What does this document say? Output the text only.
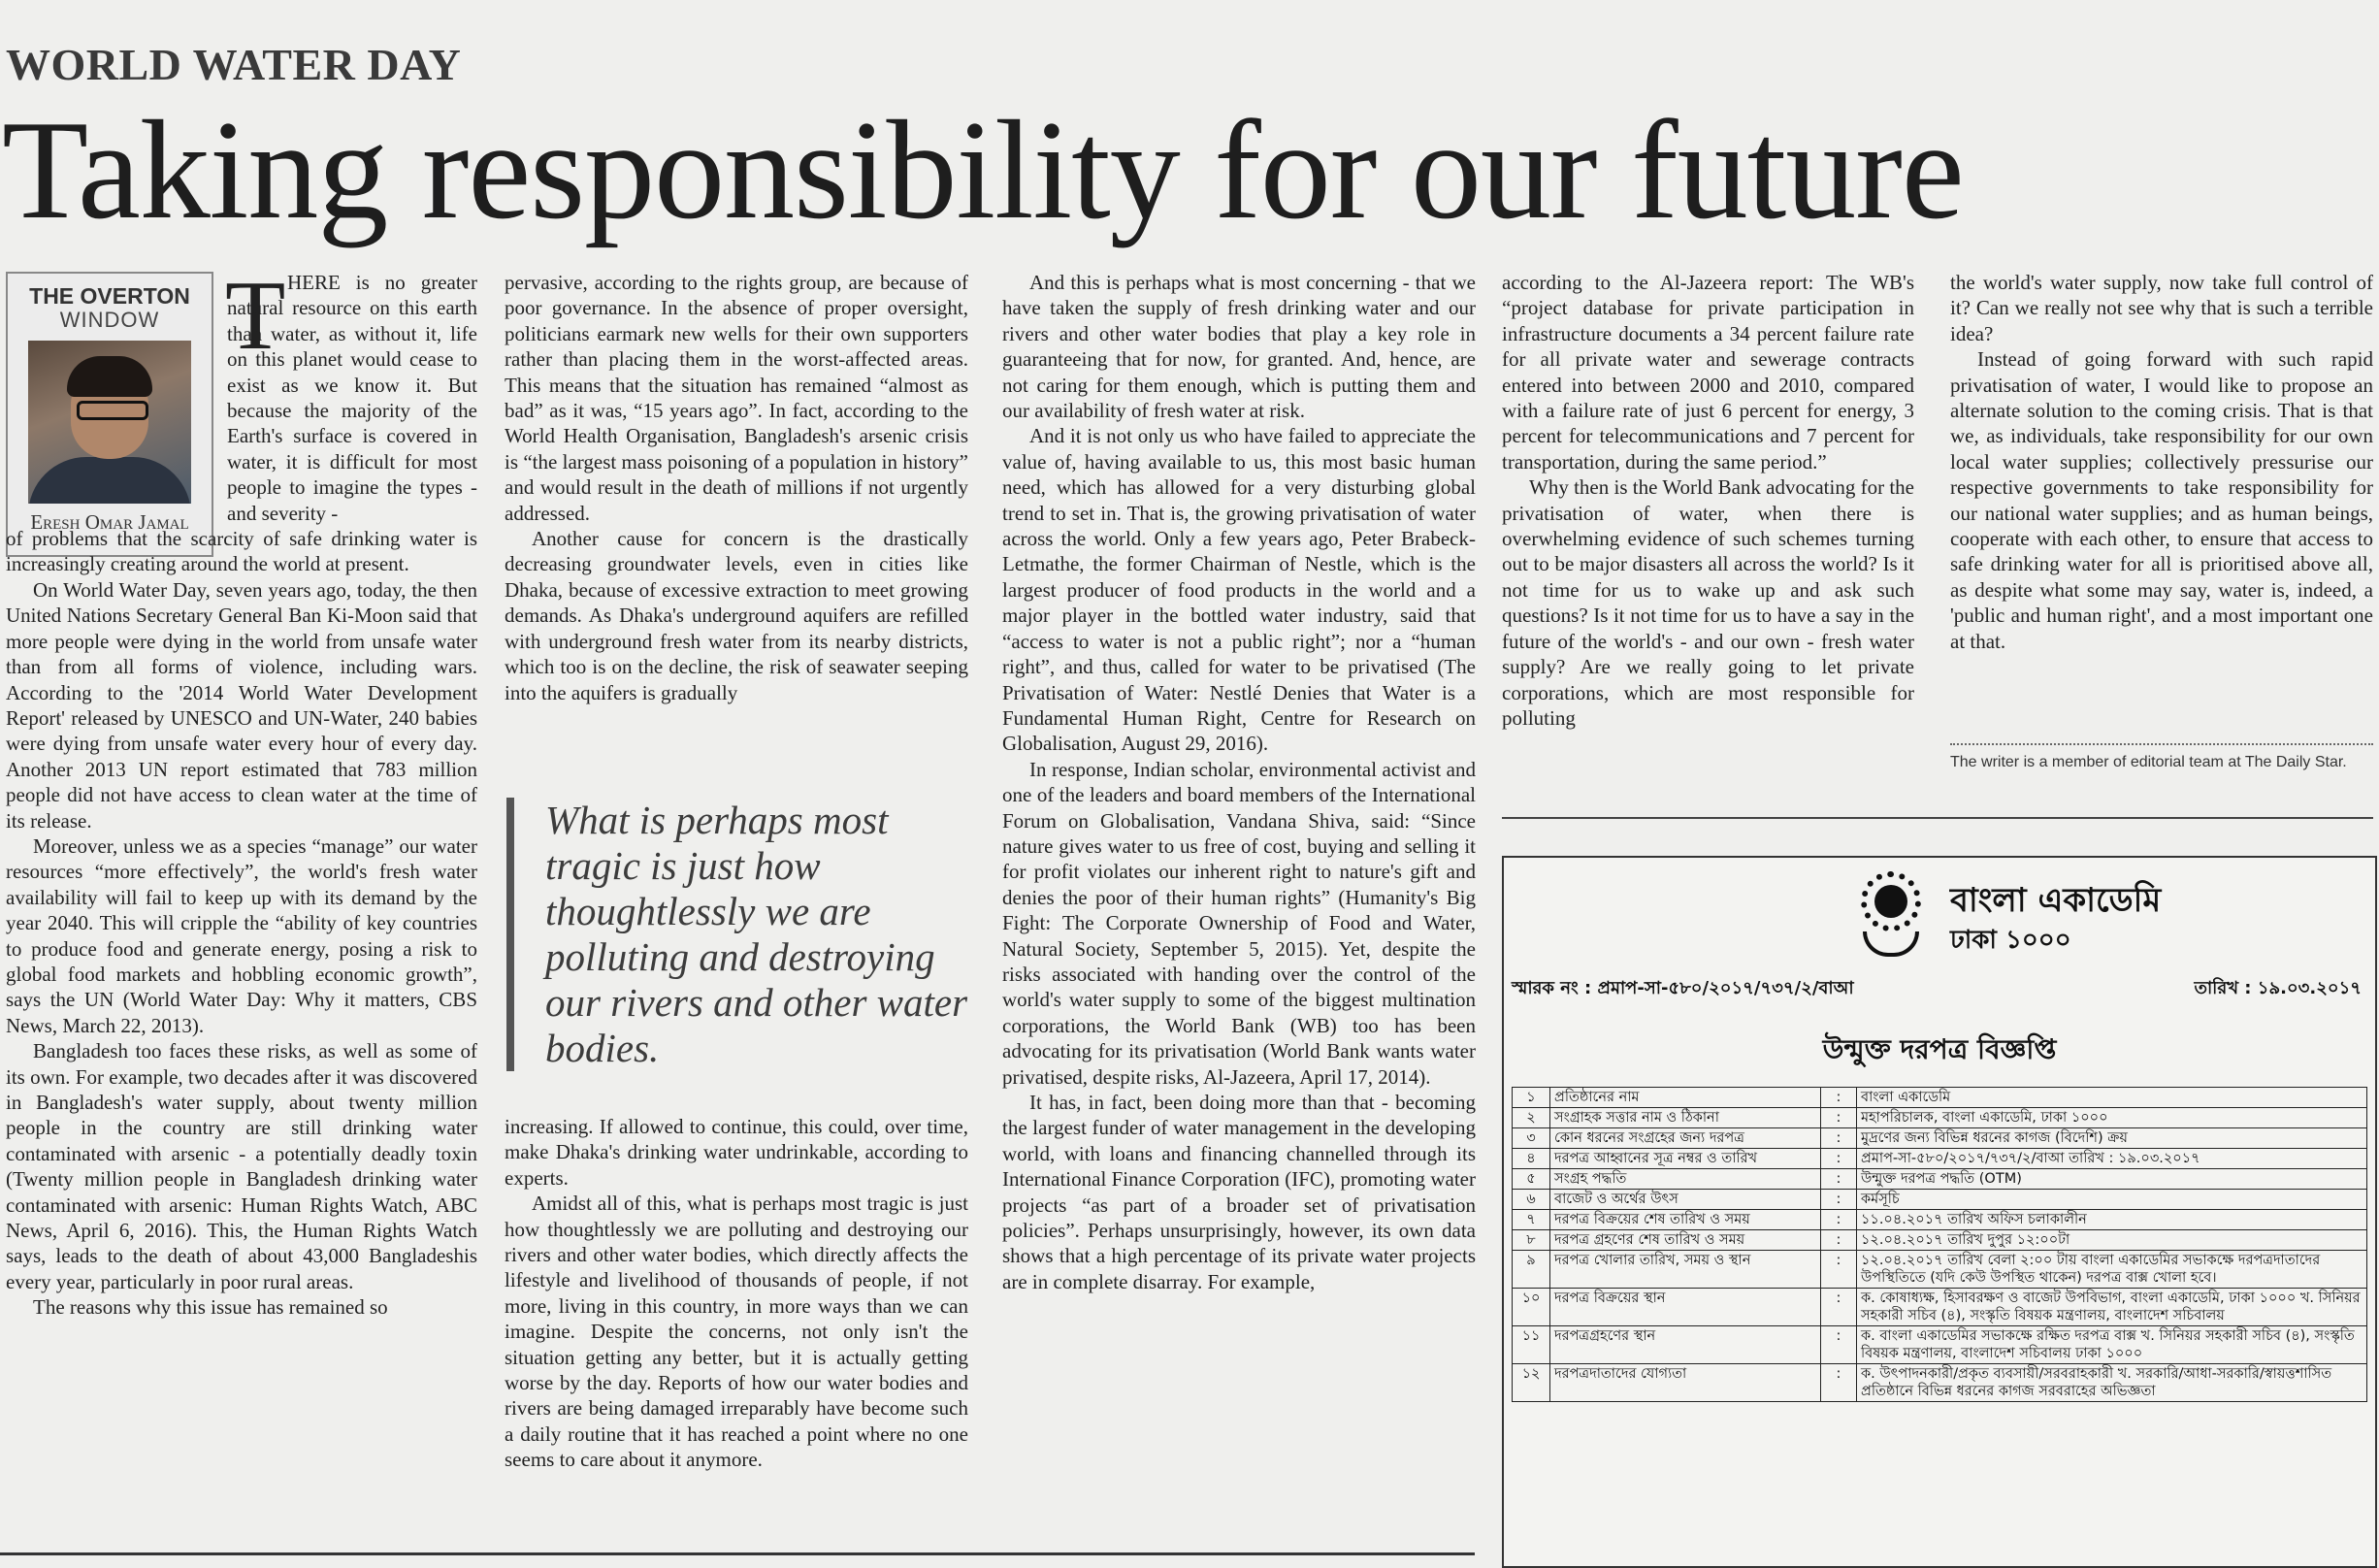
WORLD WATER DAY
Taking responsibility for our future
THE OVERTON
WINDOW
Eresh Omar Jamal
T HERE is no greater natural resource on this earth than water, as without it, life on this planet would cease to exist as we know it. But because the majority of the Earth's surface is covered in water, it is difficult for most people to imagine the types - and severity -

of problems that the scarcity of safe drinking water is increasingly creating around the world at present.

On World Water Day, seven years ago, today, the then United Nations Secretary General Ban Ki-Moon said that more people were dying in the world from unsafe water than from all forms of violence, including wars. According to the '2014 World Water Development Report' released by UNESCO and UN-Water, 240 babies were dying from unsafe water every hour of every day. Another 2013 UN report estimated that 783 million people did not have access to clean water at the time of its release.

Moreover, unless we as a species “manage” our water resources “more effectively”, the world's fresh water availability will fail to keep up with its demand by the year 2040. This will cripple the “ability of key countries to produce food and generate energy, posing a risk to global food markets and hobbling economic growth”, says the UN (World Water Day: Why it matters, CBS News, March 22, 2013).

Bangladesh too faces these risks, as well as some of its own. For example, two decades after it was discovered in Bangladesh's water supply, about twenty million people in the country are still drinking water contaminated with arsenic - a potentially deadly toxin (Twenty million people in Bangladesh drinking water contaminated with arsenic: Human Rights Watch, ABC News, April 6, 2016). This, the Human Rights Watch says, leads to the death of about 43,000 Bangladeshis every year, particularly in poor rural areas.

The reasons why this issue has remained so

pervasive, according to the rights group, are because of poor governance. In the absence of proper oversight, politicians earmark new wells for their own supporters rather than placing them in the worst-affected areas. This means that the situation has remained “almost as bad” as it was, “15 years ago”. In fact, according to the World Health Organisation, Bangladesh's arsenic crisis is “the largest mass poisoning of a population in history” and would result in the death of millions if not urgently addressed.

Another cause for concern is the drastically decreasing groundwater levels, even in cities like Dhaka, because of excessive extraction to meet growing demands. As Dhaka's underground aquifers are refilled with underground fresh water from its nearby districts, which too is on the decline, the risk of seawater seeping into the aquifers is gradually

What is perhaps most tragic is just how thoughtlessly we are polluting and destroying our rivers and other water bodies.

increasing. If allowed to continue, this could, over time, make Dhaka's drinking water undrinkable, according to experts.

Amidst all of this, what is perhaps most tragic is just how thoughtlessly we are polluting and destroying our rivers and other water bodies, which directly affects the lifestyle and livelihood of thousands of people, if not more, living in this country, in more ways than we can imagine. Despite the concerns, not only isn't the situation getting any better, but it is actually getting worse by the day. Reports of how our water bodies and rivers are being damaged irreparably have become such a daily routine that it has reached a point where no one seems to care about it anymore.

And this is perhaps what is most concerning - that we have taken the supply of fresh drinking water and our rivers and other water bodies that play a key role in guaranteeing that for now, for granted. And, hence, are not caring for them enough, which is putting them and our availability of fresh water at risk.

And it is not only us who have failed to appreciate the value of, having available to us, this most basic human need, which has allowed for a very disturbing global trend to set in. That is, the growing privatisation of water across the world. Only a few years ago, Peter Brabeck-Letmathe, the former Chairman of Nestle, which is the largest producer of food products in the world and a major player in the bottled water industry, said that “access to water is not a public right”; nor a “human right”, and thus, called for water to be privatised (The Privatisation of Water: Nestlé Denies that Water is a Fundamental Human Right, Centre for Research on Globalisation, August 29, 2016).

In response, Indian scholar, environmental activist and one of the leaders and board members of the International Forum on Globalisation, Vandana Shiva, said: “Since nature gives water to us free of cost, buying and selling it for profit violates our inherent right to nature's gift and denies the poor of their human rights” (Humanity's Big Fight: The Corporate Ownership of Food and Water, Natural Society, September 5, 2015). Yet, despite the risks associated with handing over the control of the world's water supply to some of the biggest multination corporations, the World Bank (WB) too has been advocating for its privatisation (World Bank wants water privatised, despite risks, Al-Jazeera, April 17, 2014).

It has, in fact, been doing more than that - becoming the largest funder of water management in the developing world, with loans and financing channelled through its International Finance Corporation (IFC), promoting water projects “as part of a broader set of privatisation policies”. Perhaps unsurprisingly, however, its own data shows that a high percentage of its private water projects are in complete disarray. For example,

according to the Al-Jazeera report: The WB's “project database for private participation in infrastructure documents a 34 percent failure rate for all private water and sewerage contracts entered into between 2000 and 2010, compared with a failure rate of just 6 percent for energy, 3 percent for telecommunications and 7 percent for transportation, during the same period.”

Why then is the World Bank advocating for the privatisation of water, when there is overwhelming evidence of such schemes turning out to be major disasters all across the world? Is it not time for us to wake up and ask such questions? Is it not time for us to have a say in the future of the world's - and our own - fresh water supply? Are we really going to let private corporations, which are most responsible for polluting

the world's water supply, now take full control of it? Can we really not see why that is such a terrible idea?

Instead of going forward with such rapid privatisation of water, I would like to propose an alternate solution to the coming crisis. That is that we, as individuals, take responsibility for our own local water supplies; collectively pressurise our respective governments to take responsibility for our national water supplies; and as human beings, cooperate with each other, to ensure that access to safe drinking water for all is prioritised above all, as despite what some may say, water is, indeed, a 'public and human right', and a most important one at that.

The writer is a member of editorial team at The Daily Star.
বাংলা একাডেমি
ঢাকা ১০০০
স্মারক নং : প্রমাপ-সা-৫৮০/২০১৭/৭৩৭/২/বাআ	তারিখ : ১৯.০৩.২০১৭
উন্মুক্ত দরপত্র বিজ্ঞপ্তি
১	প্রতিষ্ঠানের নাম	:	বাংলা একাডেমি
২	সংগ্রাহক সত্তার নাম ও ঠিকানা	:	মহাপরিচালক, বাংলা একাডেমি, ঢাকা ১০০০
৩	কোন ধরনের সংগ্রহের জন্য দরপত্র	:	মুদ্রণের জন্য বিভিন্ন ধরনের কাগজ (বিদেশি) ক্রয়
৪	দরপত্র আহ্বানের সূত্র নম্বর ও তারিখ	:	প্রমাপ-সা-৫৮০/২০১৭/৭৩৭/২/বাআ তারিখ : ১৯.০৩.২০১৭
৫	সংগ্রহ পদ্ধতি	:	উন্মুক্ত দরপত্র পদ্ধতি (OTM)
৬	বাজেট ও অর্থের উৎস	:	কর্মসূচি
৭	দরপত্র বিক্রয়ের শেষ তারিখ ও সময়	:	১১.০৪.২০১৭ তারিখ অফিস চলাকালীন
৮	দরপত্র গ্রহণের শেষ তারিখ ও সময়	:	১২.০৪.২০১৭ তারিখ দুপুর ১২:০০টা
৯	দরপত্র খোলার তারিখ, সময় ও স্থান	:	১২.০৪.২০১৭ তারিখ বেলা ২:০০ টায় বাংলা একাডেমির সভাকক্ষে দরপত্রদাতাদের উপস্থিতিতে (যদি কেউ উপস্থিত থাকেন) দরপত্র বাক্স খোলা হবে।
১০	দরপত্র বিক্রয়ের স্থান	:	ক. কোষাধ্যক্ষ, হিসাবরক্ষণ ও বাজেট উপবিভাগ, বাংলা একাডেমি, ঢাকা ১০০০ খ. সিনিয়র সহকারী সচিব (৪), সংস্কৃতি বিষয়ক মন্ত্রণালয়, বাংলাদেশ সচিবালয়
১১	দরপত্রগ্রহণের স্থান	:	ক. বাংলা একাডেমির সভাকক্ষে রক্ষিত দরপত্র বাক্স খ. সিনিয়র সহকারী সচিব (৪), সংস্কৃতি বিষয়ক মন্ত্রণালয়, বাংলাদেশ সচিবালয় ঢাকা ১০০০
১২	দরপত্রদাতাদের যোগ্যতা	:	ক. উৎপাদনকারী/প্রকৃত ব্যবসায়ী/সরবরাহকারী খ. সরকারি/আধা-সরকারি/স্বায়ত্তশাসিত প্রতিষ্ঠানে বিভিন্ন ধরনের কাগজ সরবরাহের অভিজ্ঞতা
